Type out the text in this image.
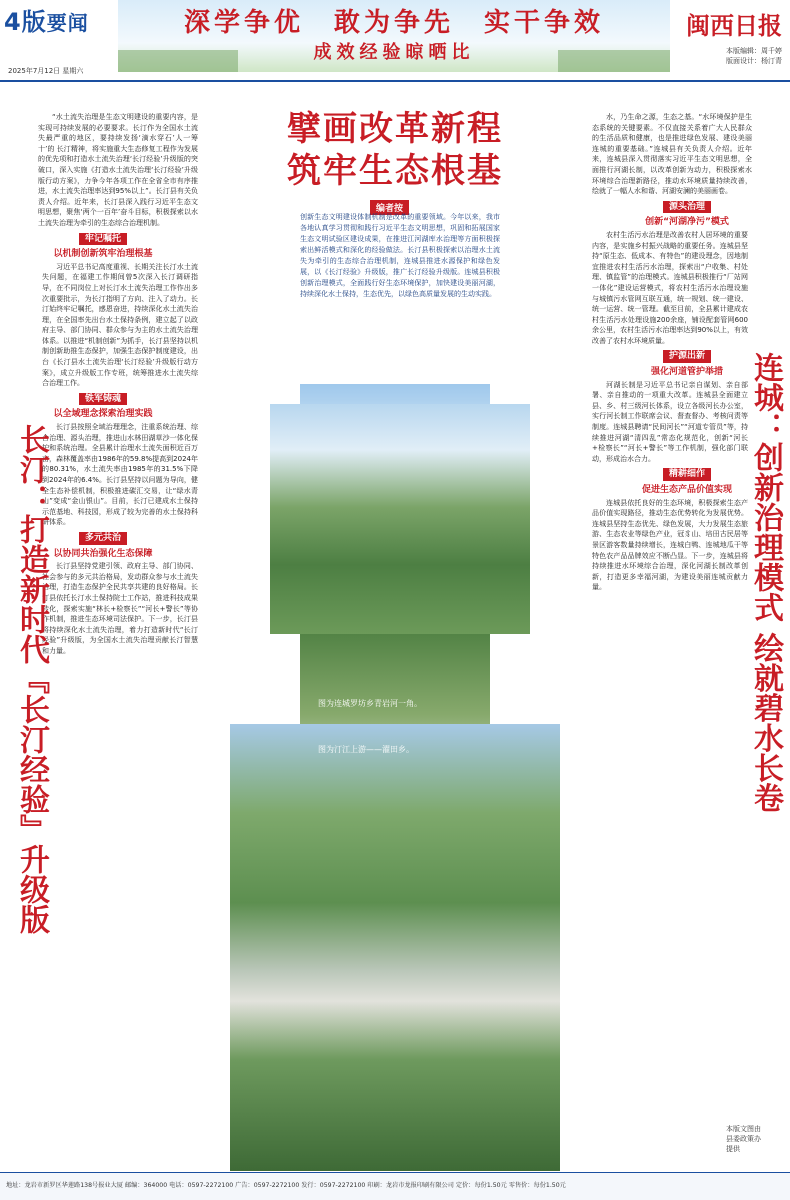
4版要闻
2025年7月12日 星期六
深学争优　敢为争先　实干争效
成效经验晾晒比
闽西日报
本版编辑：周千婷
版面设计：杨汀青
擘画改革新程
筑牢生态根基
编者按
创新生态文明建设体制机制是改革的重要领域。今年以来，我市各地认真学习贯彻和践行习近平生态文明思想，巩固和拓展国家生态文明试验区建设成果，在推进江河湖库水治理等方面积极探索出鲜活模式和深化的经验做法。长汀县积极探索以治理水土流失为牵引的生态综合治理机制，连城县推进水源保护和绿色发展，以《长汀经验》升级版，推广长汀经验升级版。连城县积极创新治理模式，全面践行好生态环境保护，加快建设美丽河湖，持续深化水土保持，生态优先，以绿色高质量发展的生动实践。

“水土流失治理是生态文明建设的重要内容，是实现可持续发展的必要要求。长汀作为全国水土流失最严重的地区，要持续发扬‘滴水穿石’人一筹 十’的 长汀精神，将实施重大生态修复工程作为发展的优先项和打造水土流失治理‘长汀经验’升级版的突破口，深入实施《打造水土流失治理‘长汀经验’升级版行动方案》，力争今年各项工作在全省全市有序推进，水土流失治理率达到95%以上”。长汀县有关负责人介绍。近年来，长汀县深入践行习近平生态文明思想，聚焦‘两个一百年’奋斗目标，积极探索以水土流失治理为牵引的生态综合治理机制。

牢记嘱托
以机制创新筑牢治理根基

习近平总书记高度重视、长期关注长汀水土流失问题，在福建工作期间曾5次深入长汀调研指导，在不同岗位上对长汀水土流失治理工作作出多次重要批示，为长汀指明了方向、注入了动力。长汀始终牢记嘱托，感恩奋进，持续深化水土流失治理，在全国率先出台水土保持条例，建立起了以政府主导、部门协同、群众参与为主的水土流失治理体系。以推进“机制创新”为抓手，长汀县坚持以机制创新助推生态保护，加强生态保护制度建设，出台《长汀县水土流失治理‘长汀经验’升级版行动方案》，成立升级版工作专班，统筹推进水土流失综合治理工作。

铁军铸魂
以全域理念探索治理实践

长汀县按照全域治理理念，注重系统治理、综合治理、源头治理，推进山水林田湖草沙一体化保护和系统治理。全县累计治理水土流失面积近百万亩，森林覆盖率由1986年的59.8%提高到2024年的80.31%，水土流失率由1985年的31.5%下降到2024年的6.4%。长汀县坚持以问题为导向，健全生态补偿机制，积极推进碳汇交易，让“绿水青山”变成“金山银山”。目前，长汀已建成水土保持示范基地、科技园，形成了较为完善的水土保持科研体系。

多元共治
以协同共治强化生态保障

长汀县坚持党建引领、政府主导、部门协同、社会参与的多元共治格局，发动群众参与水土流失治理，打造生态保护全民共享共建的良好格局。长汀县依托长汀水土保持院士工作站，推进科技成果转化，探索实施“林长+检察长”“河长+警长”等协作机制，推进生态环境司法保护。下一步，长汀县将持续深化水土流失治理，着力打造新时代“长汀经验”升级版，为全国水土流失治理贡献长汀智慧和力量。

水，乃生命之源，生态之基。“水环境保护是生态系统的关键要素。不仅直接关系着广大人民群众的生活品质和健康，也是推进绿色发展、建设美丽连城的重要基础。”连城县有关负责人介绍。近年来，连城县深入贯彻落实习近平生态文明思想，全面推行河湖长制，以改革创新为动力，积极探索水环境综合治理新路径，推动水环境质量持续改善，绘就了一幅人水和谐、河湖安澜的美丽画卷。

源头治理
创新“河湖净污”模式

农村生活污水治理是改善农村人居环境的重要内容，是实施乡村振兴战略的重要任务。连城县坚持“原生态、低成本、有特色”的建设理念，因地制宜推进农村生活污水治理，探索出“户收集、村处理、镇监管”的治理模式。连城县积极推行“厂站网一体化”建设运营模式，将农村生活污水治理设施与城镇污水管网互联互通，统一规划、统一建设、统一运营、统一管理。截至目前，全县累计建成农村生活污水处理设施200余座，铺设配套管网600余公里，农村生活污水治理率达到90%以上，有效改善了农村水环境质量。

护源出新
强化河道管护举措

河湖长制是习近平总书记亲自谋划、亲自部署、亲自推动的一项重大改革。连城县全面建立县、乡、村三级河长体系，设立各级河长办公室，实行河长制工作联席会议、督查督办、考核问责等制度。连城县聘请“民间河长”“河道专管员”等，持续推进河湖“清四乱”常态化规范化，创新“河长+检察长”“河长+警长”等工作机制，强化部门联动，形成治水合力。

精耕细作
促进生态产品价值实现

连城县依托良好的生态环境，积极探索生态产品价值实现路径，推动生态优势转化为发展优势。连城县坚持生态优先、绿色发展，大力发展生态旅游、生态农业等绿色产业，冠豸山、培田古民居等景区游客数量持续增长，连城白鸭、连城地瓜干等特色农产品品牌效应不断凸显。下一步，连城县将持续推进水环境综合治理，深化河湖长制改革创新，打造更多幸福河湖，为建设美丽连城贡献力量。

长汀：打造新时代『长汀经验』升级版	连城：创新治理模式 绘就碧水长卷
图为连城罗坊乡青岩河一角。
图为汀江上游——濯田乡。
本版文图由县委政策办提供
地址：龙岩市新罗区华莲路138号报业大厦 邮编：364000 电话：0597-2272100 广告：0597-2272100 发行：0597-2272100 印刷：龙岩市龙报印刷有限公司 定价：每份1.50元 零售价：每份1.50元
